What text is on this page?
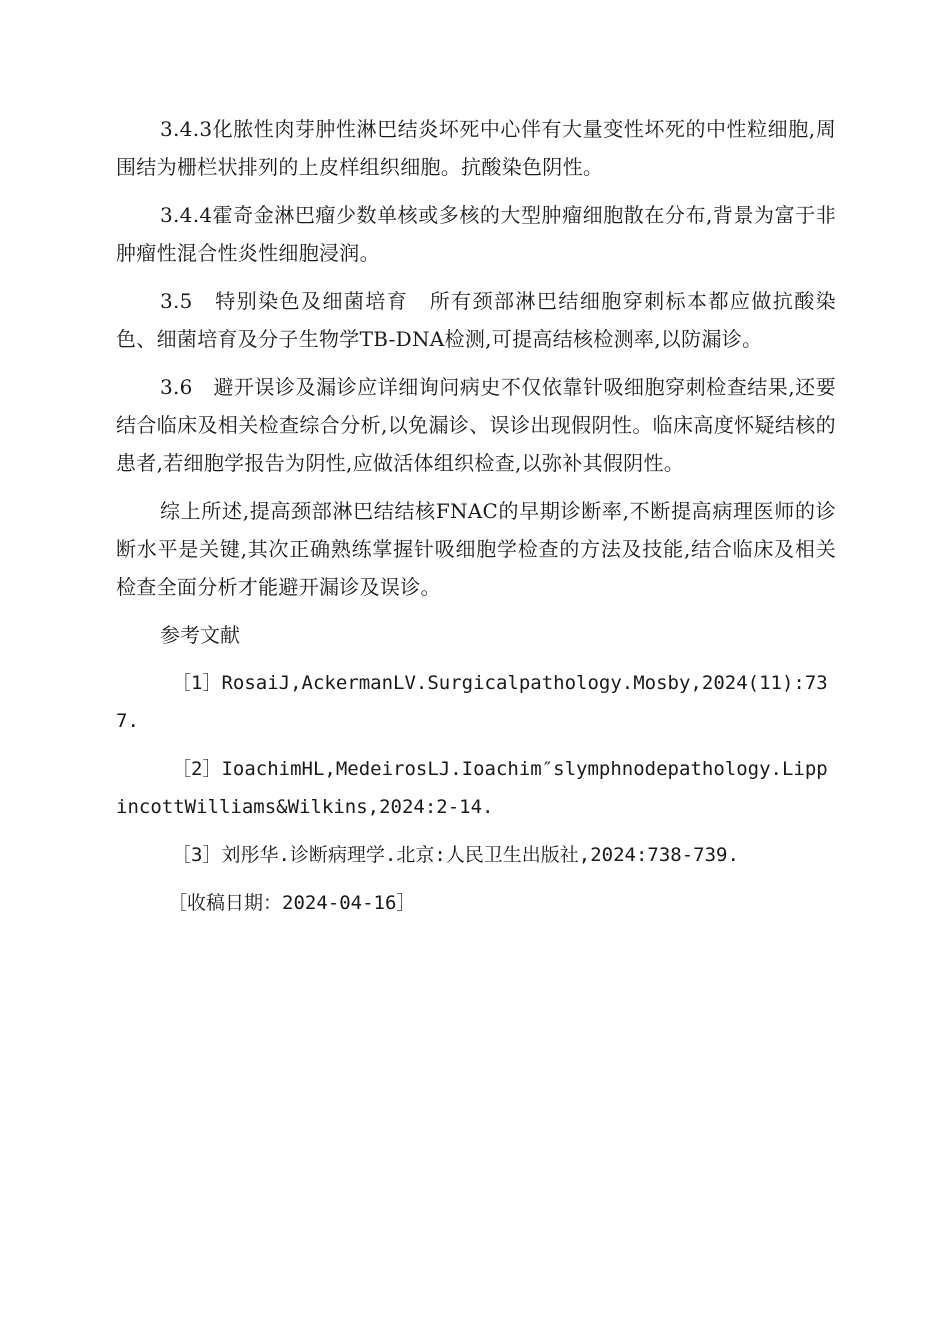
3.4.3化脓性肉芽肿性淋巴结炎坏死中心伴有大量变性坏死的中性粒细胞,周围结为栅栏状排列的上皮样组织细胞。抗酸染色阴性。

3.4.4霍奇金淋巴瘤少数单核或多核的大型肿瘤细胞散在分布,背景为富于非肿瘤性混合性炎性细胞浸润。

3.5　特别染色及细菌培育　所有颈部淋巴结细胞穿刺标本都应做抗酸染色、细菌培育及分子生物学TB-DNA检测,可提高结核检测率,以防漏诊。

3.6　避开误诊及漏诊应详细询问病史不仅依靠针吸细胞穿刺检查结果,还要结合临床及相关检查综合分析,以免漏诊、误诊出现假阴性。临床高度怀疑结核的患者,若细胞学报告为阴性,应做活体组织检查,以弥补其假阴性。

综上所述,提高颈部淋巴结结核FNAC的早期诊断率,不断提高病理医师的诊断水平是关键,其次正确熟练掌握针吸细胞学检查的方法及技能,结合临床及相关检查全面分析才能避开漏诊及误诊。

参考文献

［1］RosaiJ,AckermanLV.Surgicalpathology.Mosby,2024(11):737.

［2］IoachimHL,MedeirosLJ.Ioachim″slymphnodepathology.LippincottWilliams&Wilkins,2024:2-14.

［3］刘彤华.诊断病理学.北京:人民卫生出版社,2024:738-739.

［收稿日期：2024-04-16］
